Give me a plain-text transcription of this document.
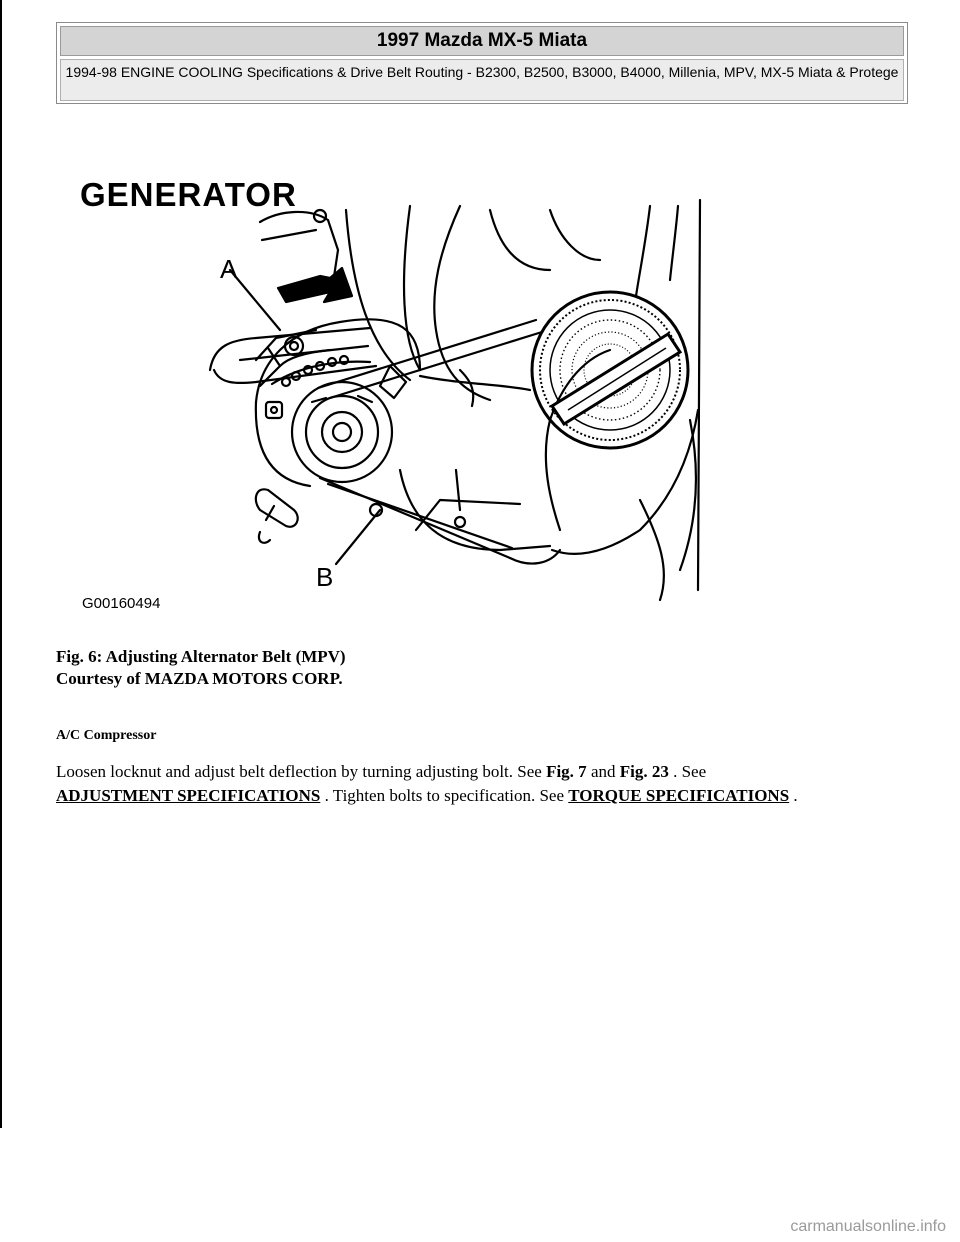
1997 Mazda MX-5 Miata
1994-98 ENGINE COOLING Specifications & Drive Belt Routing - B2300, B2500, B3000, B4000, Millenia, MPV, MX-5 Miata & Protege
GENERATOR
A
B
G00160494
Fig. 6: Adjusting Alternator Belt (MPV)
Courtesy of MAZDA MOTORS CORP.
A/C Compressor
Loosen locknut and adjust belt deflection by turning adjusting bolt. See Fig. 7 and Fig. 23 . See
ADJUSTMENT SPECIFICATIONS . Tighten bolts to specification. See TORQUE SPECIFICATIONS .
carmanualsonline.info
